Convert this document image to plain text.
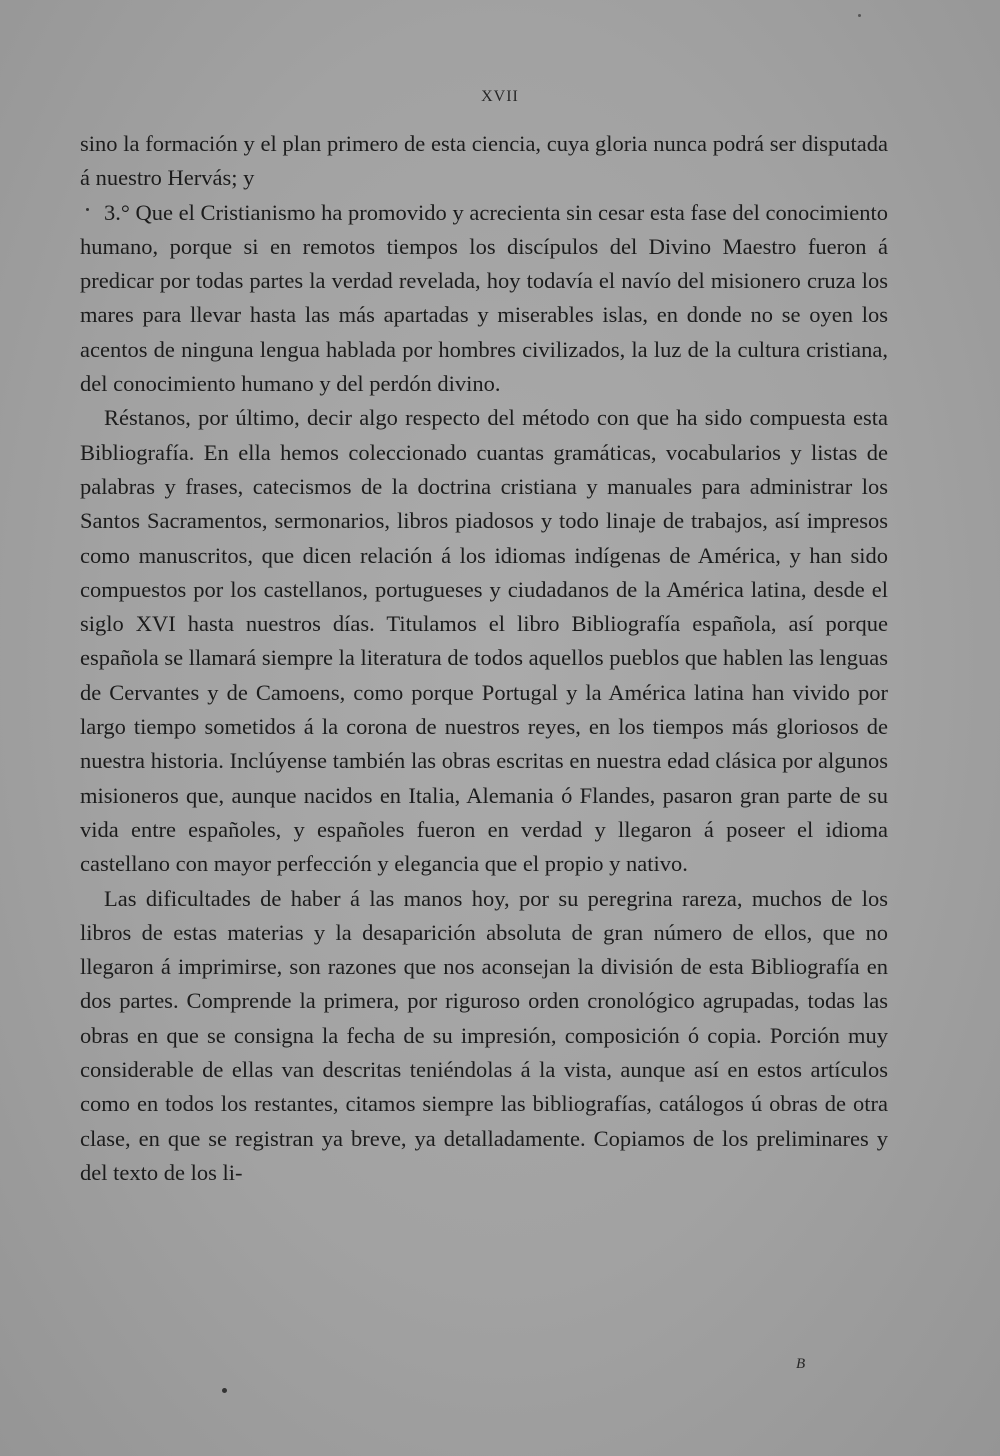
XVII

sino la formación y el plan primero de esta ciencia, cuya gloria nunca podrá ser disputada á nuestro Hervás; y

3.° Que el Cristianismo ha promovido y acrecienta sin cesar esta fase del conocimiento humano, porque si en remotos tiempos los discípulos del Divino Maestro fueron á predicar por todas partes la verdad revelada, hoy todavía el navío del misionero cruza los mares para llevar hasta las más apartadas y miserables islas, en donde no se oyen los acentos de ninguna lengua hablada por hombres civilizados, la luz de la cultura cristiana, del conocimiento humano y del perdón divino.

Réstanos, por último, decir algo respecto del método con que ha sido compuesta esta Bibliografía. En ella hemos coleccionado cuantas gramáticas, vocabularios y listas de palabras y frases, catecismos de la doctrina cristiana y manuales para administrar los Santos Sacramentos, sermonarios, libros piadosos y todo linaje de trabajos, así impresos como manuscritos, que dicen relación á los idiomas indígenas de América, y han sido compuestos por los castellanos, portugueses y ciudadanos de la América latina, desde el siglo XVI hasta nuestros días. Titulamos el libro Bibliografía española, así porque española se llamará siempre la literatura de todos aquellos pueblos que hablen las lenguas de Cervantes y de Camoens, como porque Portugal y la América latina han vivido por largo tiempo sometidos á la corona de nuestros reyes, en los tiempos más gloriosos de nuestra historia. Inclúyense también las obras escritas en nuestra edad clásica por algunos misioneros que, aunque nacidos en Italia, Alemania ó Flandes, pasaron gran parte de su vida entre españoles, y españoles fueron en verdad y llegaron á poseer el idioma castellano con mayor perfección y elegancia que el propio y nativo.

Las dificultades de haber á las manos hoy, por su peregrina rareza, muchos de los libros de estas materias y la desaparición absoluta de gran número de ellos, que no llegaron á imprimirse, son razones que nos aconsejan la división de esta Bibliografía en dos partes. Comprende la primera, por riguroso orden cronológico agrupadas, todas las obras en que se consigna la fecha de su impresión, composición ó copia. Porción muy considerable de ellas van descritas teniéndolas á la vista, aunque así en estos artículos como en todos los restantes, citamos siempre las bibliografías, catálogos ú obras de otra clase, en que se registran ya breve, ya detalladamente. Copiamos de los preliminares y del texto de los li-

B
